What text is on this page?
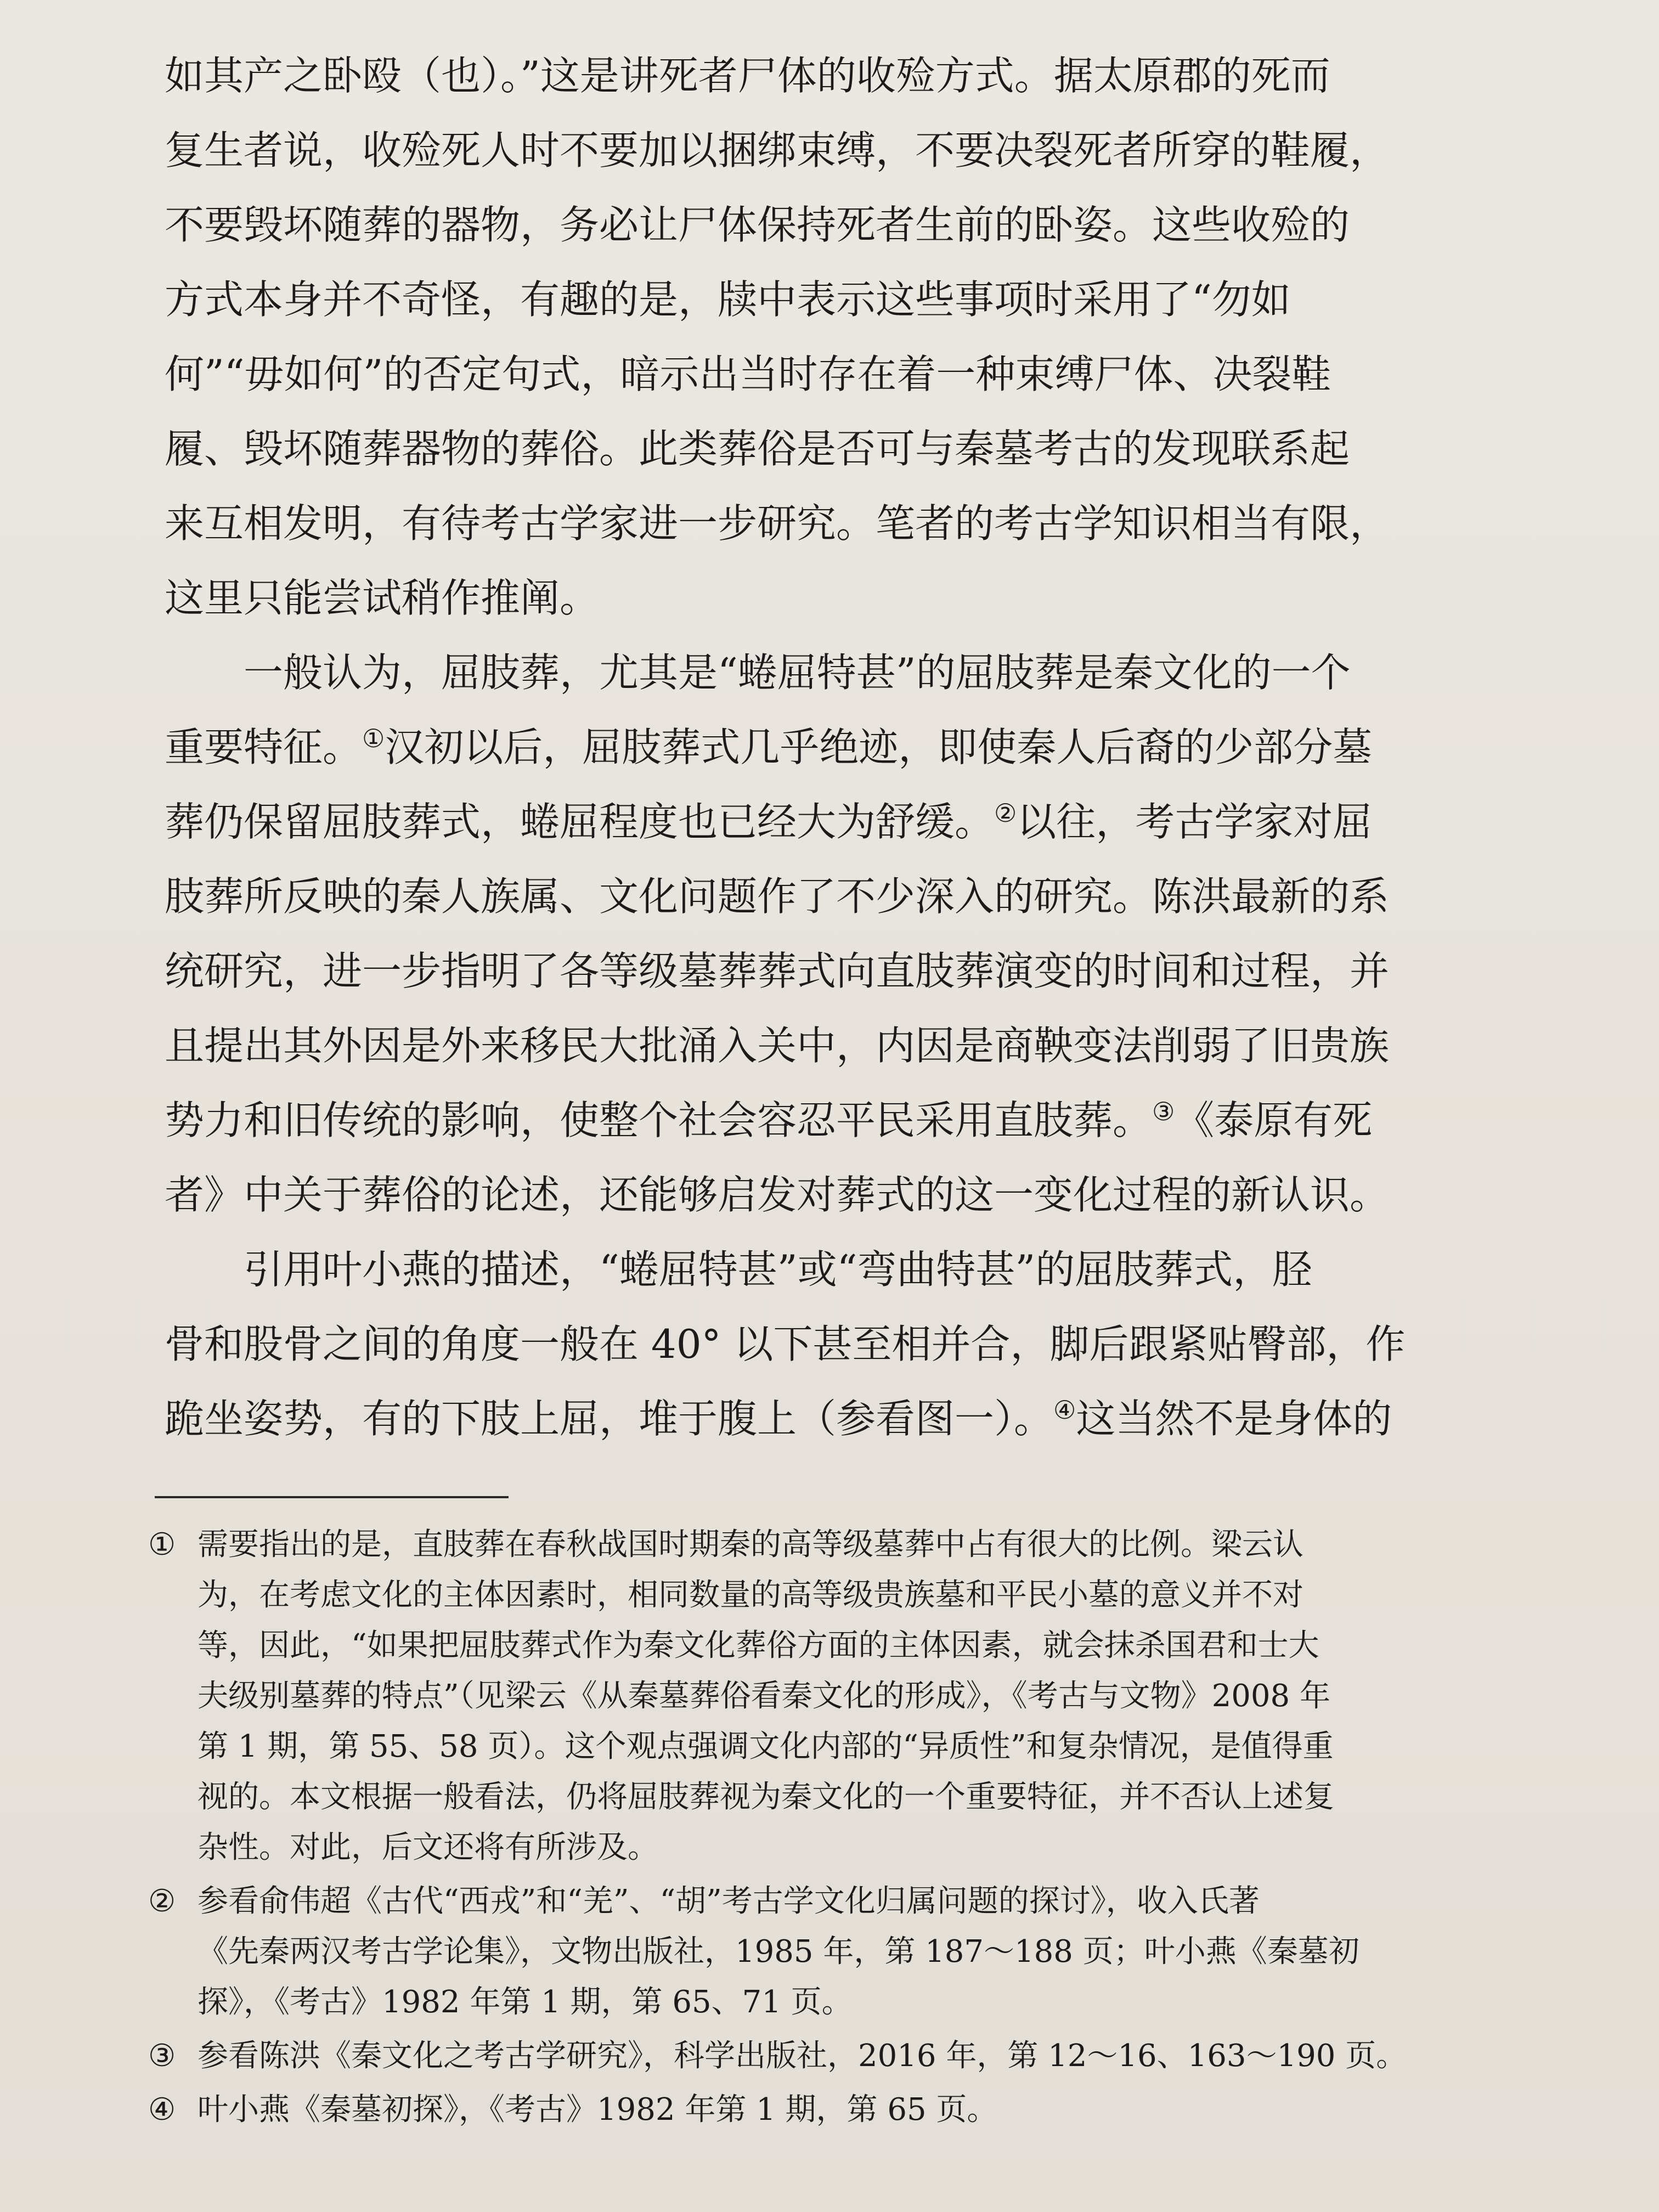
如其产之卧殴（也）。”这是讲死者尸体的收殓方式。据太原郡的死而
复生者说，收殓死人时不要加以捆绑束缚，不要决裂死者所穿的鞋履，
不要毁坏随葬的器物，务必让尸体保持死者生前的卧姿。这些收殓的
方式本身并不奇怪，有趣的是，牍中表示这些事项时采用了“勿如
何”“毋如何”的否定句式，暗示出当时存在着一种束缚尸体、决裂鞋
履、毁坏随葬器物的葬俗。此类葬俗是否可与秦墓考古的发现联系起
来互相发明，有待考古学家进一步研究。笔者的考古学知识相当有限，
这里只能尝试稍作推阐。
　　一般认为，屈肢葬，尤其是“蜷屈特甚”的屈肢葬是秦文化的一个
重要特征。①汉初以后，屈肢葬式几乎绝迹，即使秦人后裔的少部分墓
葬仍保留屈肢葬式，蜷屈程度也已经大为舒缓。②以往，考古学家对屈
肢葬所反映的秦人族属、文化问题作了不少深入的研究。陈洪最新的系
统研究，进一步指明了各等级墓葬葬式向直肢葬演变的时间和过程，并
且提出其外因是外来移民大批涌入关中，内因是商鞅变法削弱了旧贵族
势力和旧传统的影响，使整个社会容忍平民采用直肢葬。③《泰原有死
者》中关于葬俗的论述，还能够启发对葬式的这一变化过程的新认识。
　　引用叶小燕的描述，“蜷屈特甚”或“弯曲特甚”的屈肢葬式，胫
骨和股骨之间的角度一般在 40° 以下甚至相并合，脚后跟紧贴臀部，作
跪坐姿势，有的下肢上屈，堆于腹上（参看图一）。④这当然不是身体的
① 需要指出的是，直肢葬在春秋战国时期秦的高等级墓葬中占有很大的比例。梁云认
为，在考虑文化的主体因素时，相同数量的高等级贵族墓和平民小墓的意义并不对
等，因此，“如果把屈肢葬式作为秦文化葬俗方面的主体因素，就会抹杀国君和士大
夫级别墓葬的特点”（见梁云《从秦墓葬俗看秦文化的形成》，《考古与文物》2008 年
第 1 期，第 55、58 页）。这个观点强调文化内部的“异质性”和复杂情况，是值得重
视的。本文根据一般看法，仍将屈肢葬视为秦文化的一个重要特征，并不否认上述复
杂性。对此，后文还将有所涉及。
② 参看俞伟超《古代“西戎”和“羌”、“胡”考古学文化归属问题的探讨》，收入氏著
《先秦两汉考古学论集》，文物出版社，1985 年，第 187～188 页；叶小燕《秦墓初
探》，《考古》1982 年第 1 期，第 65、71 页。
③ 参看陈洪《秦文化之考古学研究》，科学出版社，2016 年，第 12～16、163～190 页。
④ 叶小燕《秦墓初探》，《考古》1982 年第 1 期，第 65 页。
